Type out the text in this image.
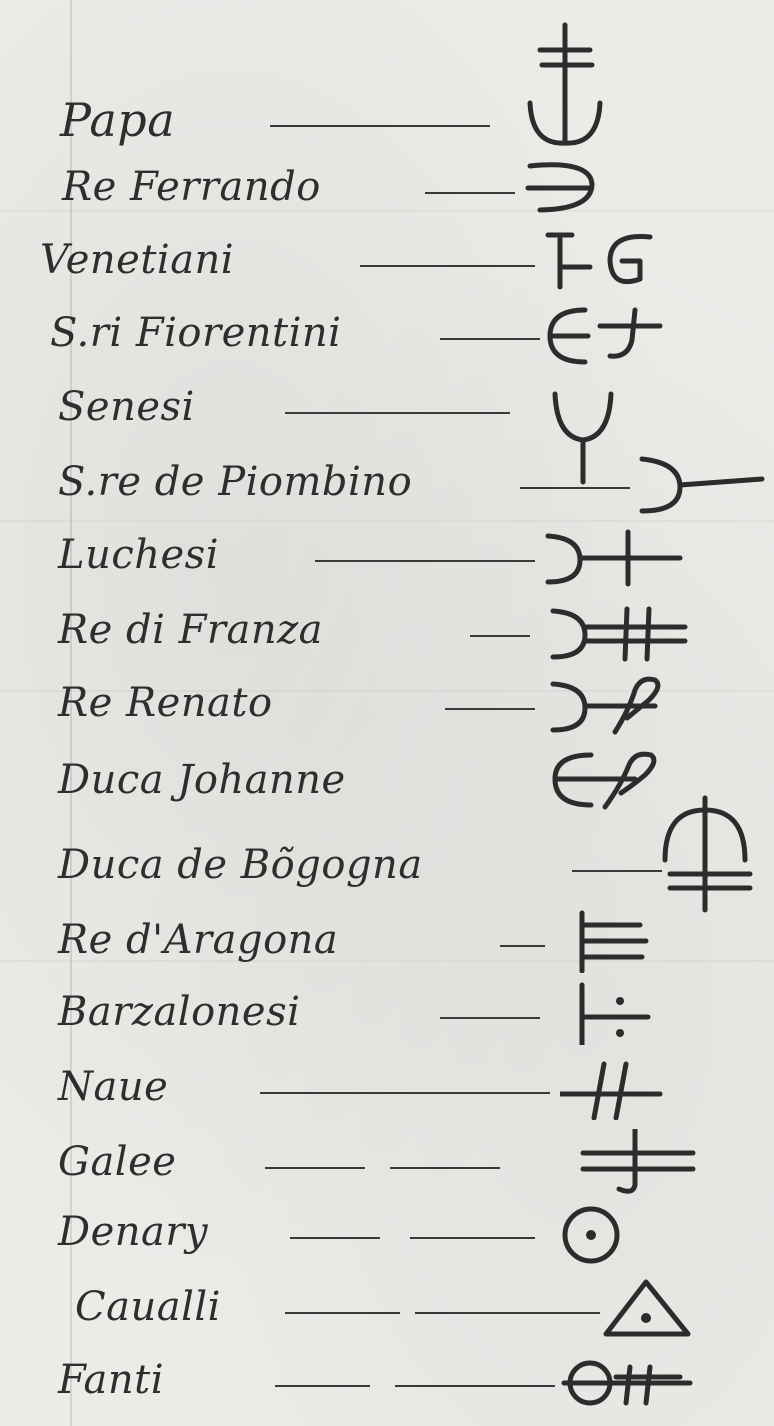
Papa
Re Ferrando
Venetiani
S.ri Fiorentini
Senesi
S.re de Piombino
Luchesi
Re di Franza
Re Renato
Duca Johanne
Duca de Bõgogna
Re d'Aragona
Barzalonesi
Naue
Galee
Denary
Caualli
Fanti
